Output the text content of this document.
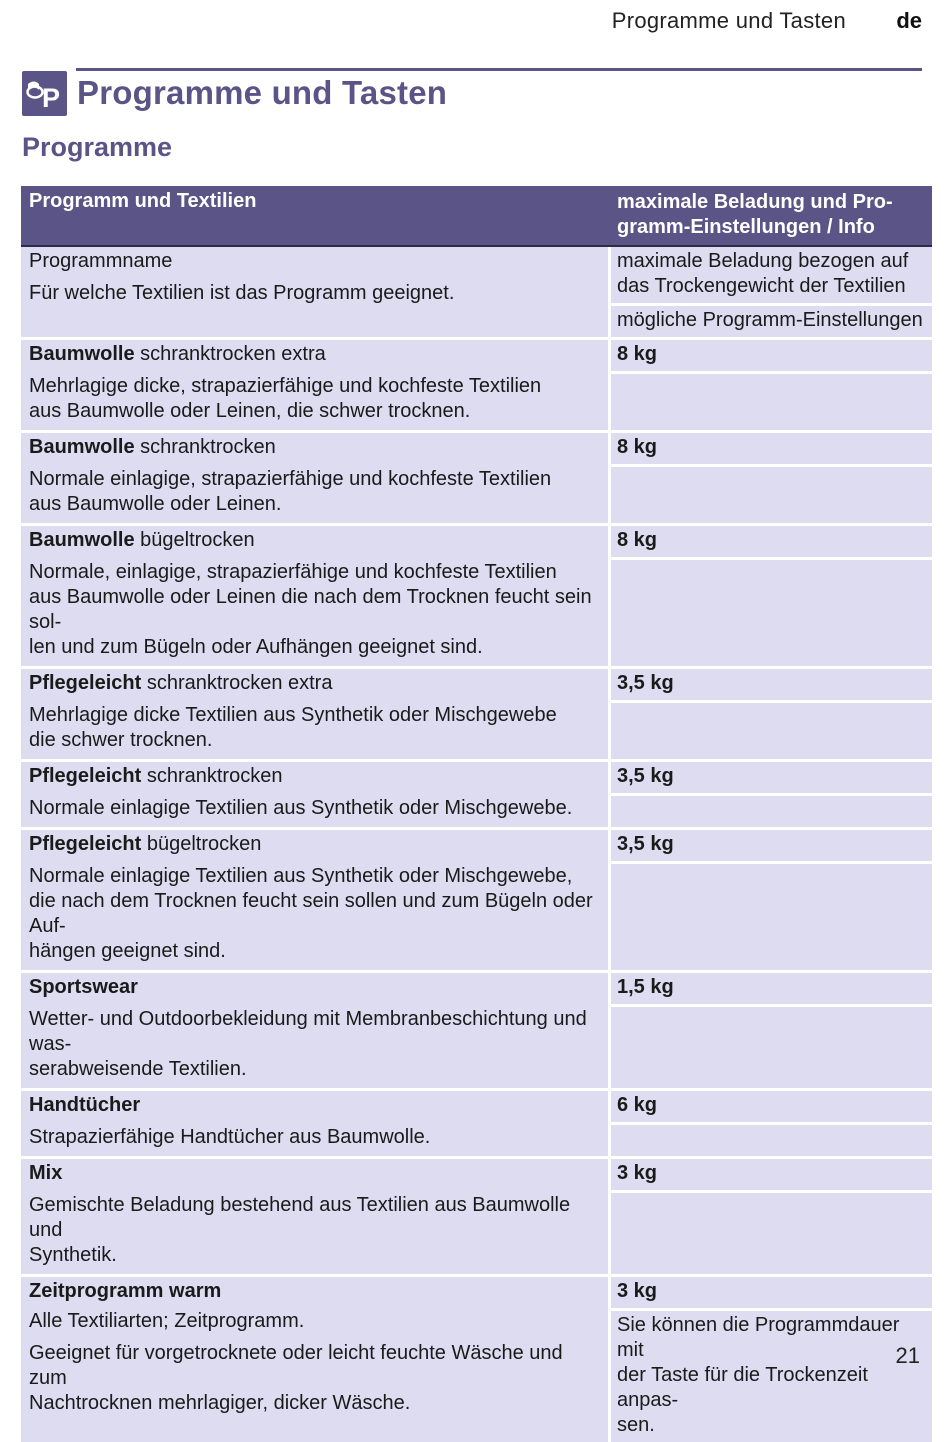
Programme und Tasten de
P Programme und Tasten
Programme
Programm und Textilien	maximale Beladung und Pro-
gramm-Einstellungen / Info
Programmname
Für welche Textilien ist das Programm geeignet.
maximale Beladung bezogen auf
das Trockengewicht der Textilien
mögliche Programm-Einstellungen
Baumwolle schranktrocken extra
Mehrlagige dicke, strapazierfähige und kochfeste Textilien
aus Baumwolle oder Leinen, die schwer trocknen.
8 kg
Baumwolle schranktrocken
Normale einlagige, strapazierfähige und kochfeste Textilien
aus Baumwolle oder Leinen.
8 kg
Baumwolle bügeltrocken
Normale, einlagige, strapazierfähige und kochfeste Textilien
aus Baumwolle oder Leinen die nach dem Trocknen feucht sein sol-
len und zum Bügeln oder Aufhängen geeignet sind.
8 kg
Pflegeleicht schranktrocken extra
Mehrlagige dicke Textilien aus Synthetik oder Mischgewebe
die schwer trocknen.
3,5 kg
Pflegeleicht schranktrocken
Normale einlagige Textilien aus Synthetik oder Mischgewebe.
3,5 kg
Pflegeleicht bügeltrocken
Normale einlagige Textilien aus Synthetik oder Mischgewebe,
die nach dem Trocknen feucht sein sollen und zum Bügeln oder Auf-
hängen geeignet sind.
3,5 kg
Sportswear
Wetter- und Outdoorbekleidung mit Membranbeschichtung und was-
serabweisende Textilien.
1,5 kg
Handtücher
Strapazierfähige Handtücher aus Baumwolle.
6 kg
Mix
Gemischte Beladung bestehend aus Textilien aus Baumwolle und
Synthetik.
3 kg
Zeitprogramm warm
Alle Textiliarten; Zeitprogramm.
Geeignet für vorgetrocknete oder leicht feuchte Wäsche und zum
Nachtrocknen mehrlagiger, dicker Wäsche.
3 kg
Sie können die Programmdauer mit
der Taste für die Trockenzeit anpas-
sen.
21
